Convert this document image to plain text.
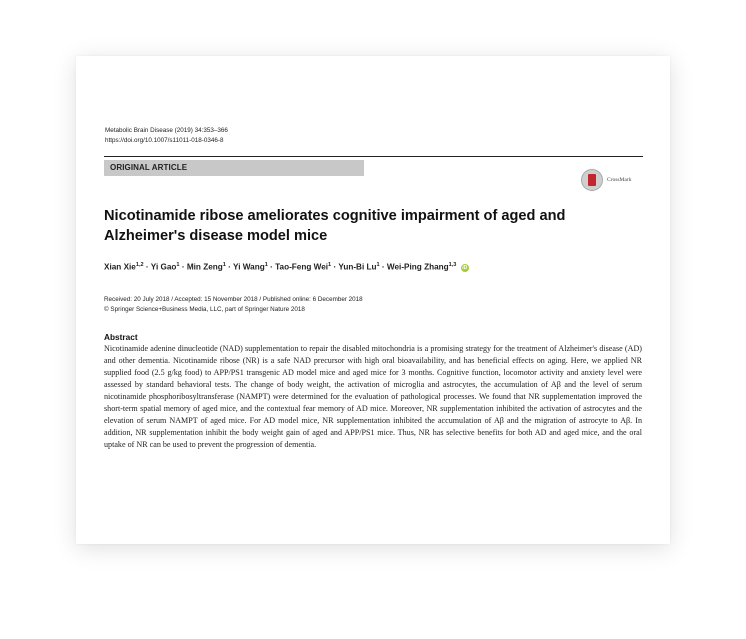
Metabolic Brain Disease (2019) 34:353–366
https://doi.org/10.1007/s11011-018-0346-8
ORIGINAL ARTICLE
CrossMark
Nicotinamide ribose ameliorates cognitive impairment of aged and Alzheimer's disease model mice
Xian Xie$^{1,2}$ · Yi Gao$^1$ · Min Zeng$^1$ · Yi Wang$^1$ · Tao-Feng Wei$^1$ · Yun-Bi $Lu^1$ · Wei-Ping Zhang$^{1,3}$ iD
Received: 20 July 2018 / Accepted: 15 November 2018 / Published online: 6 December 2018
© Springer Science+Business Media, LLC, part of Springer Nature 2018
Abstract
Nicotinamide adenine dinucleotide (NAD) supplementation to repair the disabled mitochondria is a promising strategy for the treatment of Alzheimer's disease (AD) and other dementia. Nicotinamide ribose (NR) is a safe NAD precursor with high oral bioavailability, and has beneficial effects on aging. Here, we applied NR supplied food (2.5 g/kg food) to APP/PS1 transgenic AD model mice and aged mice for 3 months. Cognitive function, locomotor activity and anxiety level were assessed by standard behavioral tests. The change of body weight, the activation of microglia and astrocytes, the accumulation of Aβ and the level of serum nicotinamide phosphoribosyltransferase (NAMPT) were determined for the evaluation of pathological processes. We found that NR supplementation improved the short-term spatial memory of aged mice, and the contextual fear memory of AD mice. Moreover, NR supplementation inhibited the activation of astrocytes and the elevation of serum NAMPT of aged mice. For AD model mice, NR supplementation inhibited the accumulation of Aβ and the migration of astrocyte to Aβ. In addition, NR supplementation inhibit the body weight gain of aged and APP/PS1 mice. Thus, NR has selective benefits for both AD and aged mice, and the oral uptake of NR can be used to prevent the progression of dementia.
